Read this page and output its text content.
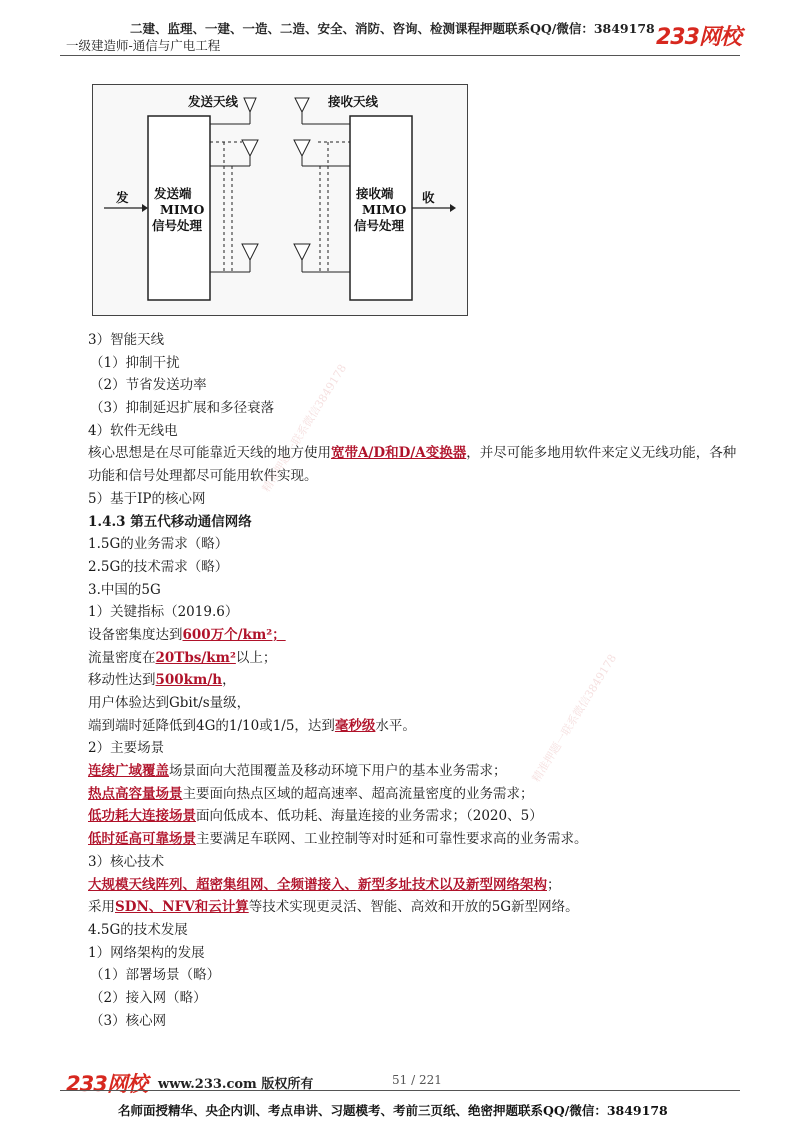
二建、监理、一建、一造、二造、安全、消防、咨询、检测课程押题联系QQ/微信：3849178 233网校
一级建造师-通信与广电工程
发送天线	接收天线
发	收
发送端
MIMO
信号处理
接收端
MIMO
信号处理
精准押题一联系微信3849178
精准押题一联系微信3849178
3）智能天线
（1）抑制干扰
（2）节省发送功率
（3）抑制延迟扩展和多径衰落
4）软件无线电
核心思想是在尽可能靠近天线的地方使用宽带A/D和D/A变换器，并尽可能多地用软件来定义无线功能，各种功能和信号处理都尽可能用软件实现。
5）基于IP的核心网
1.4.3 第五代移动通信网络
1.5G的业务需求（略）
2.5G的技术需求（略）
3.中国的5G
1）关键指标（2019.6）
设备密集度达到600万个/km²；
流量密度在20Tbs/km²以上；
移动性达到500km/h，
用户体验达到Gbit/s量级，
端到端时延降低到4G的1/10或1/5，达到毫秒级水平。
2）主要场景
连续广域覆盖场景面向大范围覆盖及移动环境下用户的基本业务需求；
热点高容量场景主要面向热点区域的超高速率、超高流量密度的业务需求；
低功耗大连接场景面向低成本、低功耗、海量连接的业务需求；（2020、5）
低时延高可靠场景主要满足车联网、工业控制等对时延和可靠性要求高的业务需求。
3）核心技术
大规模天线阵列、超密集组网、全频谱接入、新型多址技术以及新型网络架构；
采用SDN、NFV和云计算等技术实现更灵活、智能、高效和开放的5G新型网络。
4.5G的技术发展
1）网络架构的发展
（1）部署场景（略）
（2）接入网（略）
（3）核心网
233网校 www.233.com 版权所有	51 / 221
名师面授精华、央企内训、考点串讲、习题模考、考前三页纸、绝密押题联系QQ/微信：3849178
